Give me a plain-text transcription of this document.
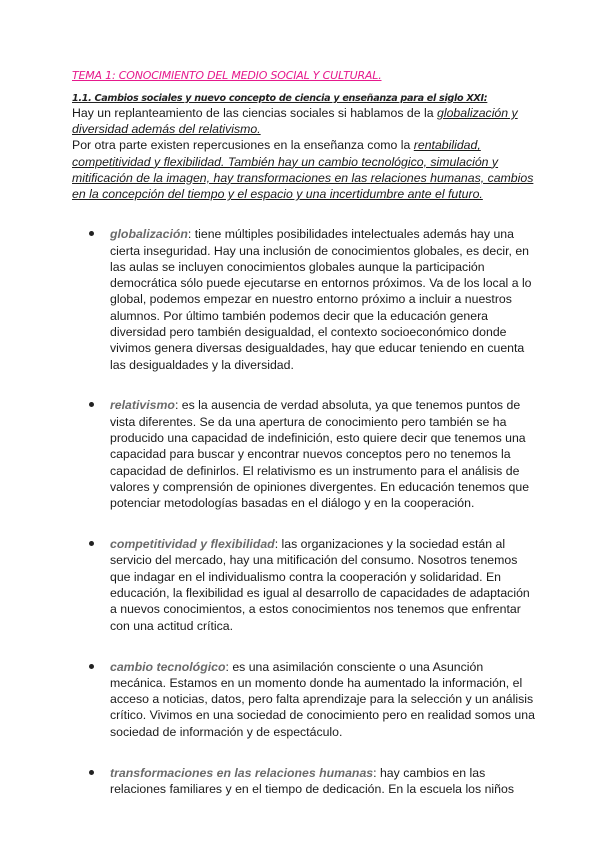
TEMA 1: CONOCIMIENTO DEL MEDIO SOCIAL Y CULTURAL.
1.1. Cambios sociales y nuevo concepto de ciencia y enseñanza para el siglo XXI:

Hay un replanteamiento de las ciencias sociales si hablamos de la globalización y
diversidad además del relativismo.

Por otra parte existen repercusiones en la enseñanza como la rentabilidad,
competitividad y flexibilidad. También hay un cambio tecnológico, simulación y
mitificación de la imagen, hay transformaciones en las relaciones humanas, cambios
en la concepción del tiempo y el espacio y una incertidumbre ante el futuro.

globalización: tiene múltiples posibilidades intelectuales además hay una
cierta inseguridad. Hay una inclusión de conocimientos globales, es decir, en
las aulas se incluyen conocimientos globales aunque la participación
democrática sólo puede ejecutarse en entornos próximos. Va de los local a lo
global, podemos empezar en nuestro entorno próximo a incluir a nuestros
alumnos. Por último también podemos decir que la educación genera
diversidad pero también desigualdad, el contexto socioeconómico donde
vivimos genera diversas desigualdades, hay que educar teniendo en cuenta
las desigualdades y la diversidad.
relativismo: es la ausencia de verdad absoluta, ya que tenemos puntos de
vista diferentes. Se da una apertura de conocimiento pero también se ha
producido una capacidad de indefinición, esto quiere decir que tenemos una
capacidad para buscar y encontrar nuevos conceptos pero no tenemos la
capacidad de definirlos. El relativismo es un instrumento para el análisis de
valores y comprensión de opiniones divergentes. En educación tenemos que
potenciar metodologías basadas en el diálogo y en la cooperación.
competitividad y flexibilidad: las organizaciones y la sociedad están al
servicio del mercado, hay una mitificación del consumo. Nosotros tenemos
que indagar en el individualismo contra la cooperación y solidaridad. En
educación, la flexibilidad es igual al desarrollo de capacidades de adaptación
a nuevos conocimientos, a estos conocimientos nos tenemos que enfrentar
con una actitud crítica.
cambio tecnológico: es una asimilación consciente o una Asunción
mecánica. Estamos en un momento donde ha aumentado la información, el
acceso a noticias, datos, pero falta aprendizaje para la selección y un análisis
crítico. Vivimos en una sociedad de conocimiento pero en realidad somos una
sociedad de información y de espectáculo.
transformaciones en las relaciones humanas: hay cambios en las
relaciones familiares y en el tiempo de dedicación. En la escuela los niños
